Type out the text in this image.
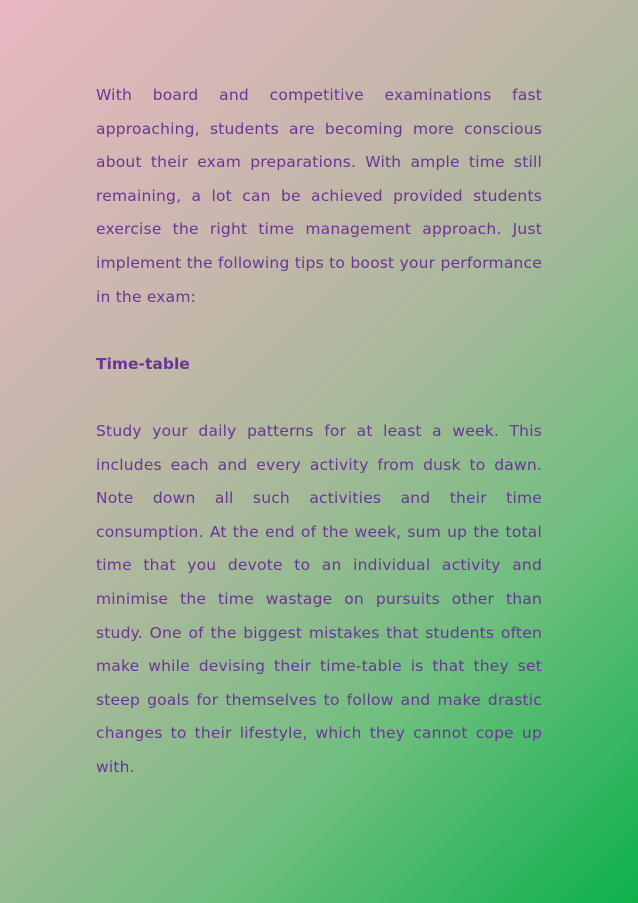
With board and competitive examinations fast approaching, students are becoming more conscious about their exam preparations. With ample time still remaining, a lot can be achieved provided students exercise the right time management approach. Just implement the following tips to boost your performance in the exam:

Time-table

Study your daily patterns for at least a week. This includes each and every activity from dusk to dawn. Note down all such activities and their time consumption. At the end of the week, sum up the total time that you devote to an individual activity and minimise the time wastage on pursuits other than study. One of the biggest mistakes that students often make while devising their time-table is that they set steep goals for themselves to follow and make drastic changes to their lifestyle, which they cannot cope up with.
